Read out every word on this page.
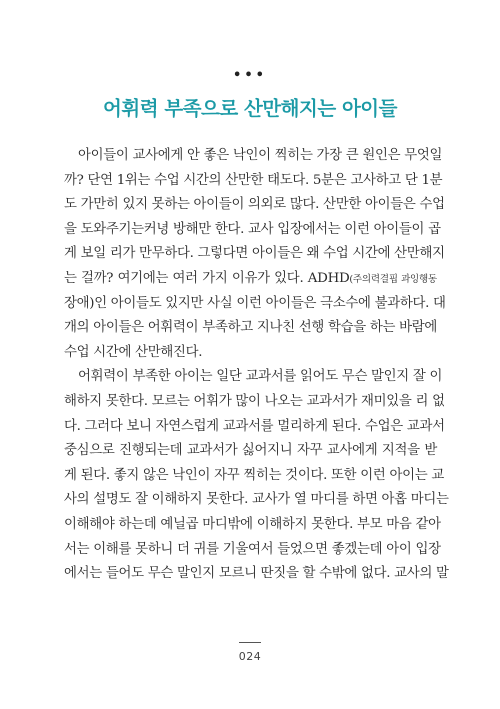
•••
어휘력 부족으로 산만해지는 아이들
아이들이 교사에게 안 좋은 낙인이 찍히는 가장 큰 원인은 무엇일
까? 단연 1위는 수업 시간의 산만한 태도다. 5분은 고사하고 단 1분
도 가만히 있지 못하는 아이들이 의외로 많다. 산만한 아이들은 수업
을 도와주기는커녕 방해만 한다. 교사 입장에서는 이런 아이들이 곱
게 보일 리가 만무하다. 그렇다면 아이들은 왜 수업 시간에 산만해지
는 걸까? 여기에는 여러 가지 이유가 있다. ADHD(주의력결핍 과잉행동
장애)인 아이들도 있지만 사실 이런 아이들은 극소수에 불과하다. 대
개의 아이들은 어휘력이 부족하고 지나친 선행 학습을 하는 바람에
수업 시간에 산만해진다.
어휘력이 부족한 아이는 일단 교과서를 읽어도 무슨 말인지 잘 이
해하지 못한다. 모르는 어휘가 많이 나오는 교과서가 재미있을 리 없
다. 그러다 보니 자연스럽게 교과서를 멀리하게 된다. 수업은 교과서
중심으로 진행되는데 교과서가 싫어지니 자꾸 교사에게 지적을 받
게 된다. 좋지 않은 낙인이 자꾸 찍히는 것이다. 또한 이런 아이는 교
사의 설명도 잘 이해하지 못한다. 교사가 열 마디를 하면 아홉 마디는
이해해야 하는데 예닐곱 마디밖에 이해하지 못한다. 부모 마음 같아
서는 이해를 못하니 더 귀를 기울여서 들었으면 좋겠는데 아이 입장
에서는 들어도 무슨 말인지 모르니 딴짓을 할 수밖에 없다. 교사의 말
024
